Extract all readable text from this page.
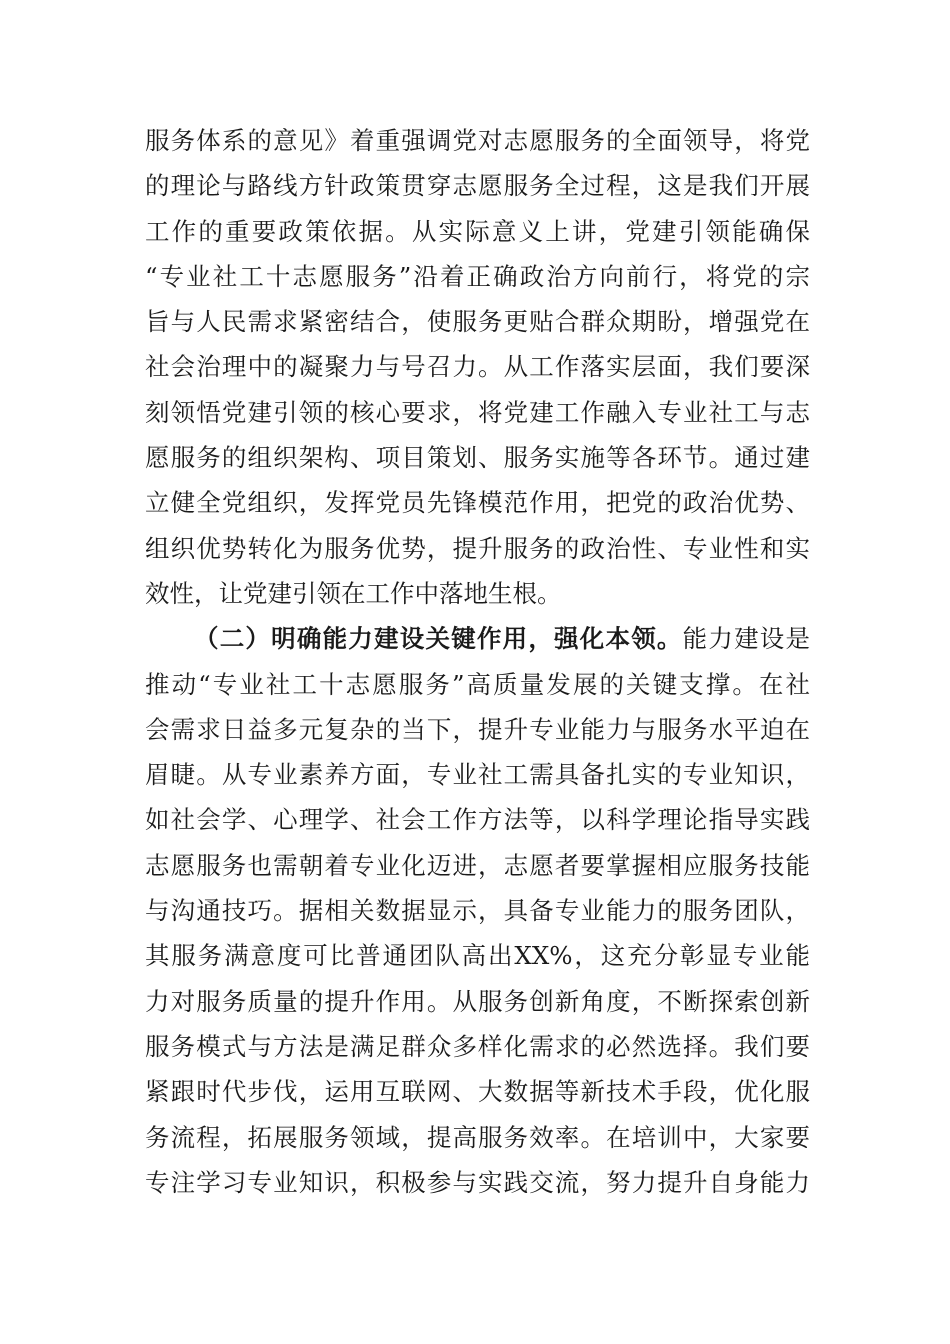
服务体系的意见》着重强调党对志愿服务的全面领导，将党
的理论与路线方针政策贯穿志愿服务全过程，这是我们开展
工作的重要政策依据。从实际意义上讲，党建引领能确保
“专业社工十志愿服务”沿着正确政治方向前行，将党的宗
旨与人民需求紧密结合，使服务更贴合群众期盼，增强党在
社会治理中的凝聚力与号召力。从工作落实层面，我们要深
刻领悟党建引领的核心要求，将党建工作融入专业社工与志
愿服务的组织架构、项目策划、服务实施等各环节。通过建
立健全党组织，发挥党员先锋模范作用，把党的政治优势、
组织优势转化为服务优势，提升服务的政治性、专业性和实
效性，让党建引领在工作中落地生根。
（二）明确能力建设关键作用，强化本领。能力建设是
推动“专业社工十志愿服务”高质量发展的关键支撑。在社
会需求日益多元复杂的当下，提升专业能力与服务水平迫在
眉睫。从专业素养方面，专业社工需具备扎实的专业知识，
如社会学、心理学、社会工作方法等，以科学理论指导实践
志愿服务也需朝着专业化迈进，志愿者要掌握相应服务技能
与沟通技巧。据相关数据显示，具备专业能力的服务团队，
其服务满意度可比普通团队高出XX%，这充分彰显专业能
力对服务质量的提升作用。从服务创新角度，不断探索创新
服务模式与方法是满足群众多样化需求的必然选择。我们要
紧跟时代步伐，运用互联网、大数据等新技术手段，优化服
务流程，拓展服务领域，提高服务效率。在培训中，大家要
专注学习专业知识，积极参与实践交流，努力提升自身能力
